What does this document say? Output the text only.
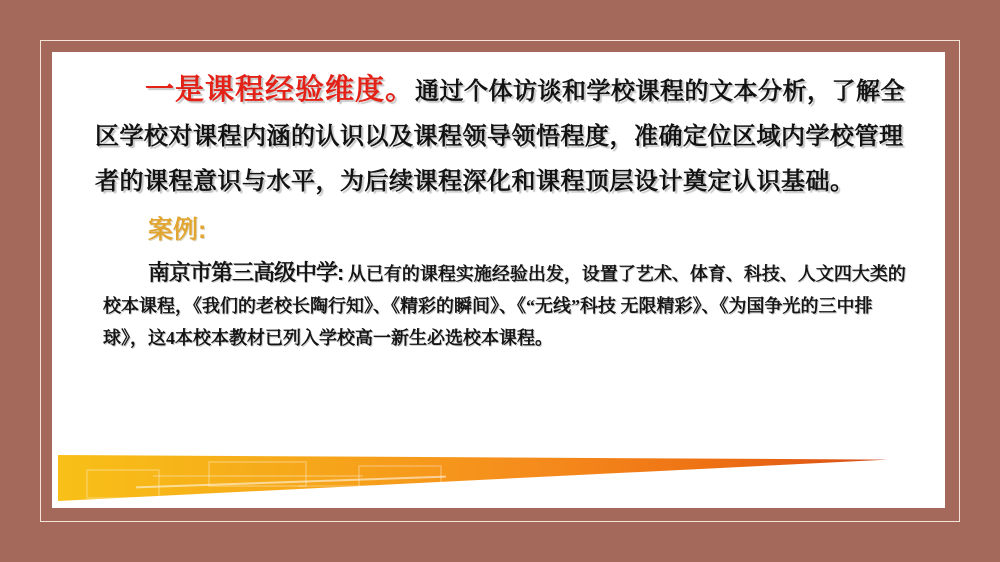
一是课程经验维度。通过个体访谈和学校课程的文本分析，了解全区学校对课程内涵的认识以及课程领导领悟程度，准确定位区域内学校管理者的课程意识与水平，为后续课程深化和课程顶层设计奠定认识基础。

案例:

南京市第三高级中学: 从已有的课程实施经验出发，设置了艺术、体育、科技、人文四大类的校本课程，《我们的老校长陶行知》、《精彩的瞬间》、《“无线”科技 无限精彩》、《为国争光的三中排球》，这4本校本教材已列入学校高一新生必选校本课程。
